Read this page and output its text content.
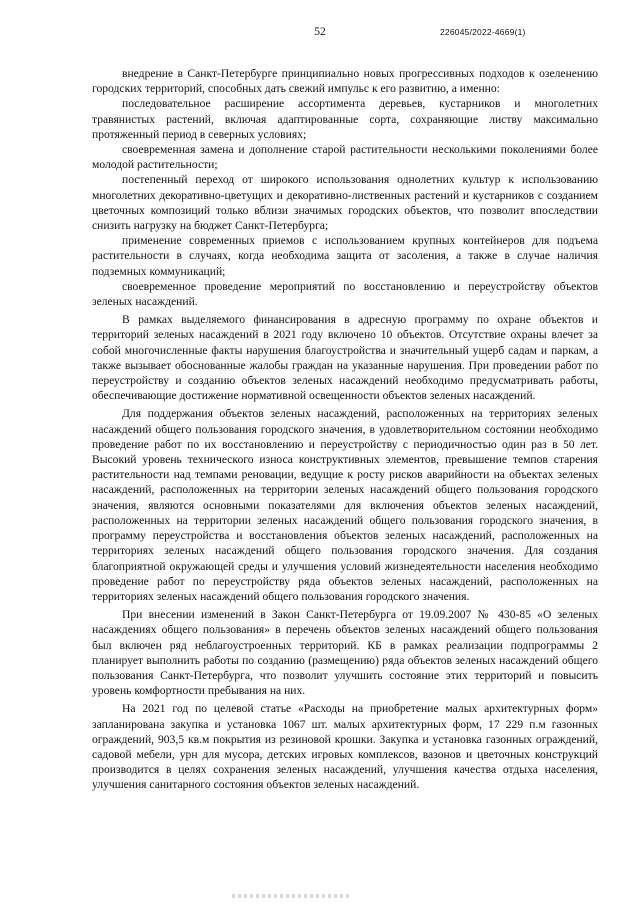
52	226045/2022-4669(1)

внедрение в Санкт-Петербурге принципиально новых прогрессивных подходов к озеленению городских территорий, способных дать свежий импульс к его развитию, а именно:

последовательное расширение ассортимента деревьев, кустарников и многолетних травянистых растений, включая адаптированные сорта, сохраняющие листву максимально протяженный период в северных условиях;

своевременная замена и дополнение старой растительности несколькими поколениями более молодой растительности;

постепенный переход от широкого использования однолетних культур к использованию многолетних декоративно-цветущих и декоративно-лиственных растений и кустарников с созданием цветочных композиций только вблизи значимых городских объектов, что позволит впоследствии снизить нагрузку на бюджет Санкт-Петербурга;

применение современных приемов с использованием крупных контейнеров для подъема растительности в случаях, когда необходима защита от засоления, а также в случае наличия подземных коммуникаций;

своевременное проведение мероприятий по восстановлению и переустройству объектов зеленых насаждений.

В рамках выделяемого финансирования в адресную программу по охране объектов и территорий зеленых насаждений в 2021 году включено 10 объектов. Отсутствие охраны влечет за собой многочисленные факты нарушения благоустройства и значительный ущерб садам и паркам, а также вызывает обоснованные жалобы граждан на указанные нарушения. При проведении работ по переустройству и созданию объектов зеленых насаждений необходимо предусматривать работы, обеспечивающие достижение нормативной освещенности объектов зеленых насаждений.

Для поддержания объектов зеленых насаждений, расположенных на территориях зеленых насаждений общего пользования городского значения, в удовлетворительном состоянии необходимо проведение работ по их восстановлению и переустройству с периодичностью один раз в 50 лет. Высокий уровень технического износа конструктивных элементов, превышение темпов старения растительности над темпами реновации, ведущие к росту рисков аварийности на объектах зеленых насаждений, расположенных на территории зеленых насаждений общего пользования городского значения, являются основными показателями для включения объектов зеленых насаждений, расположенных на территории зеленых насаждений общего пользования городского значения, в программу переустройства и восстановления объектов зеленых насаждений, расположенных на территориях зеленых насаждений общего пользования городского значения. Для создания благоприятной окружающей среды и улучшения условий жизнедеятельности населения необходимо проведение работ по переустройству ряда объектов зеленых насаждений, расположенных на территориях зеленых насаждений общего пользования городского значения.

При внесении изменений в Закон Санкт-Петербурга от 19.09.2007 № 430-85 «О зеленых насаждениях общего пользования» в перечень объектов зеленых насаждений общего пользования был включен ряд неблагоустроенных территорий. КБ в рамках реализации подпрограммы 2 планирует выполнить работы по созданию (размещению) ряда объектов зеленых насаждений общего пользования Санкт-Петербурга, что позволит улучшить состояние этих территорий и повысить уровень комфортности пребывания на них.

На 2021 год по целевой статье «Расходы на приобретение малых архитектурных форм» запланирована закупка и установка 1067 шт. малых архитектурных форм, 17 229 п.м газонных ограждений, 903,5 кв.м покрытия из резиновой крошки. Закупка и установка газонных ограждений, садовой мебели, урн для мусора, детских игровых комплексов, вазонов и цветочных конструкций производится в целях сохранения зеленых насаждений, улучшения качества отдыха населения, улучшения санитарного состояния объектов зеленых насаждений.
